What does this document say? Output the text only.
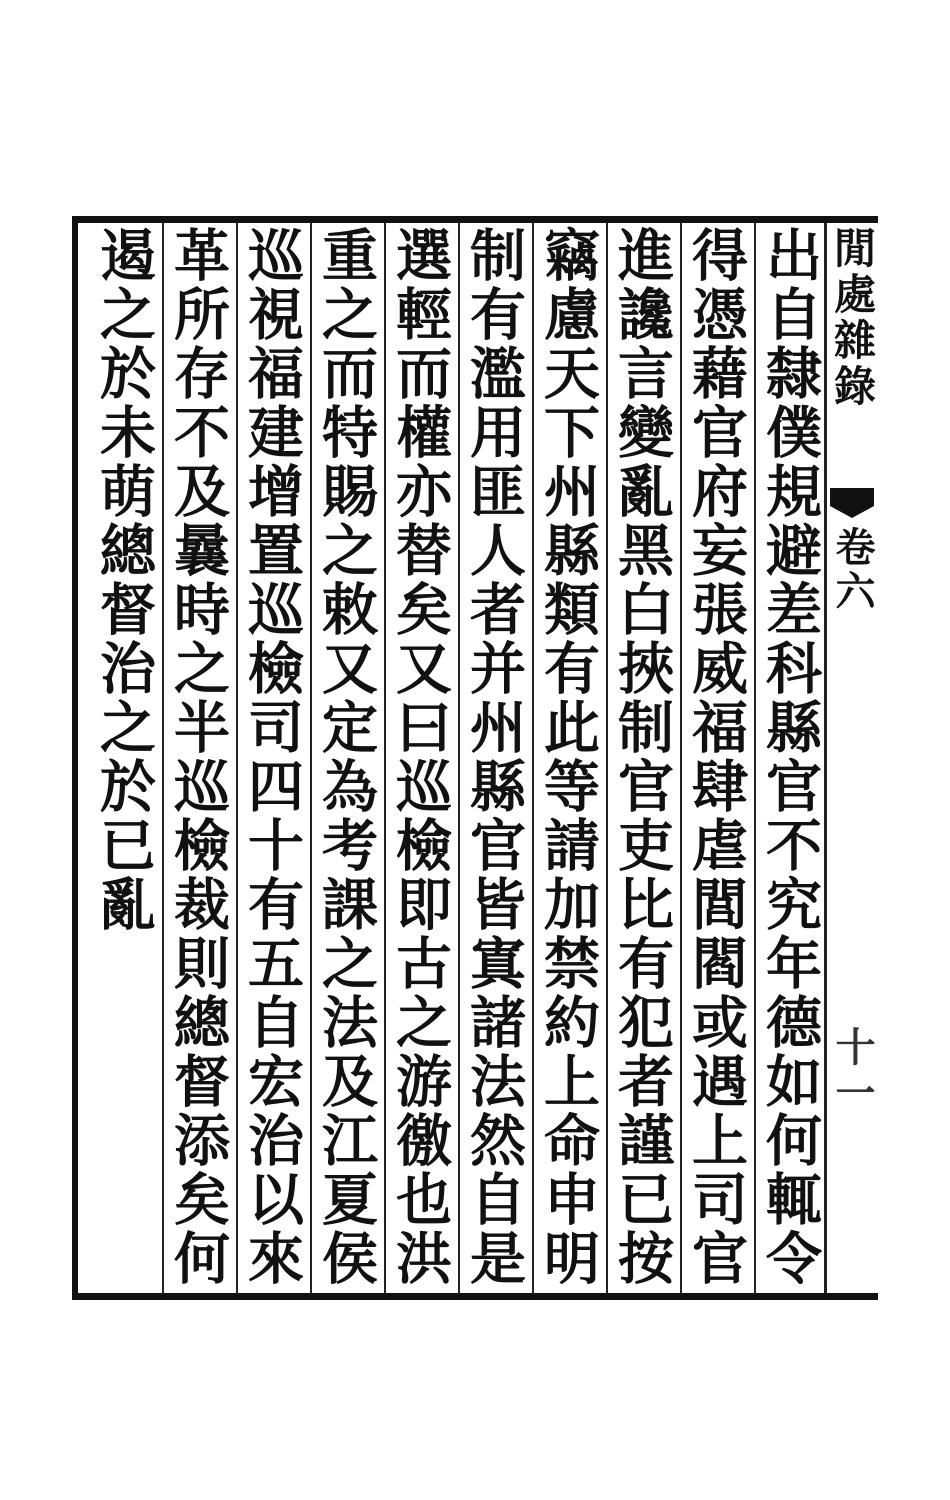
閒處雜錄
卷六
十一
出自隸僕規避差科縣官不究年德如何輒令
得憑藉官府妄張威福肆虐閭閻或遇上司官
進讒言變亂黑白挾制官吏比有犯者謹已按
竊慮天下州縣類有此等請加禁約上命申明
制有濫用匪人者并州縣官皆寘諸法然自是
選輕而權亦替矣又曰巡檢即古之游徼也洪
重之而特賜之敕又定為考課之法及江夏侯
巡視福建增置巡檢司四十有五自宏治以來
革所存不及曩時之半巡檢裁則總督添矣何
遏之於未萌總督治之於已亂
